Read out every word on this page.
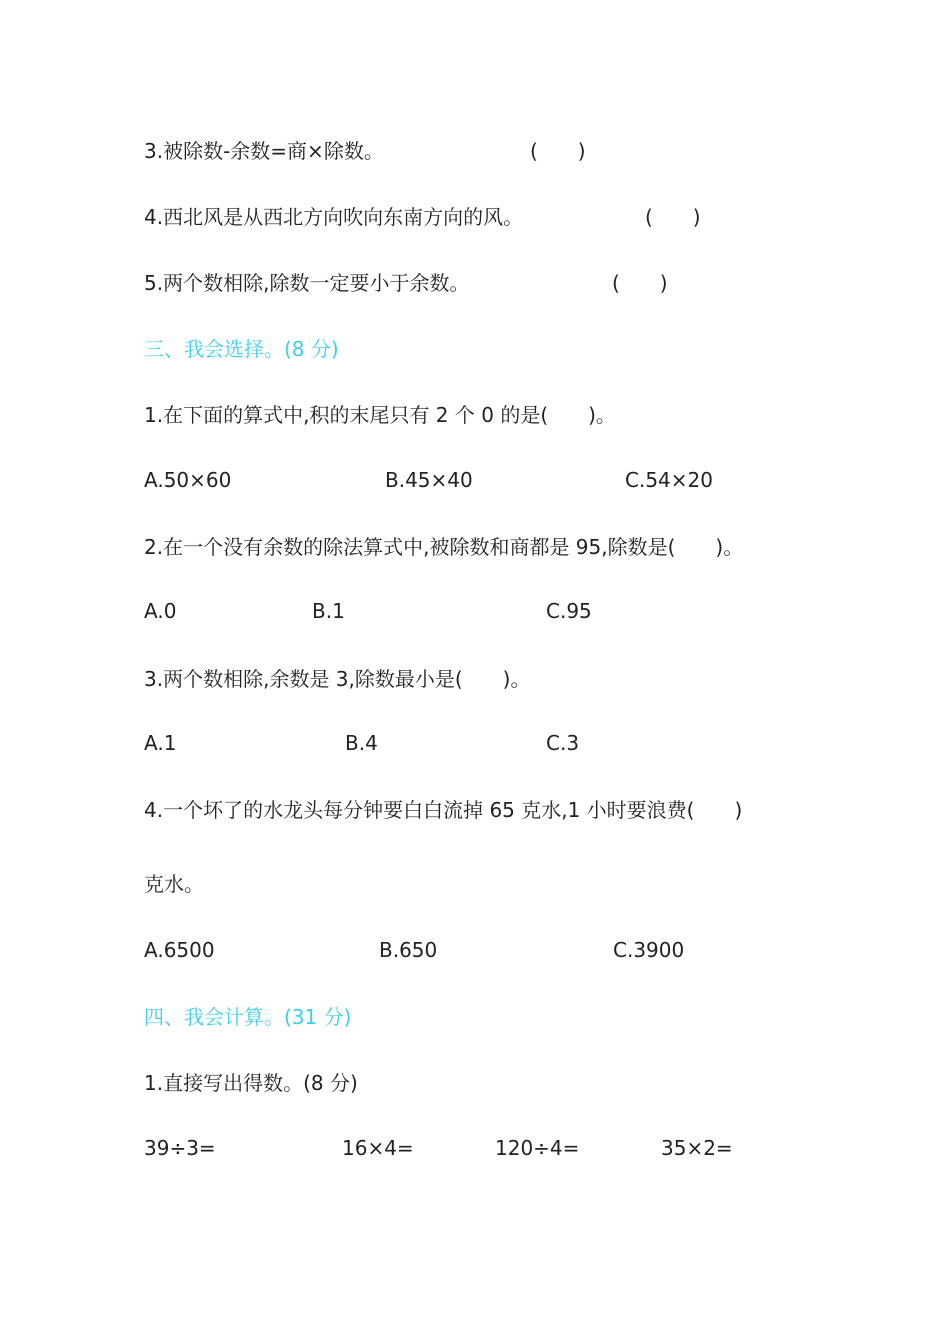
3.被除数-余数=商×除数。	(　　)
4.西北风是从西北方向吹向东南方向的风。	(　　)
5.两个数相除,除数一定要小于余数。	(　　)
三、我会选择。(8 分)
1.在下面的算式中,积的末尾只有 2 个 0 的是(　　)。
A.50×60	B.45×40	C.54×20
2.在一个没有余数的除法算式中,被除数和商都是 95,除数是(　　)。
A.0	B.1	C.95
3.两个数相除,余数是 3,除数最小是(　　)。
A.1	B.4	C.3
4.一个坏了的水龙头每分钟要白白流掉 65 克水,1 小时要浪费(　　)
克水。
A.6500	B.650	C.3900
四、我会计算。(31 分)
1.直接写出得数。(8 分)
39÷3=	16×4=	120÷4=	35×2=
